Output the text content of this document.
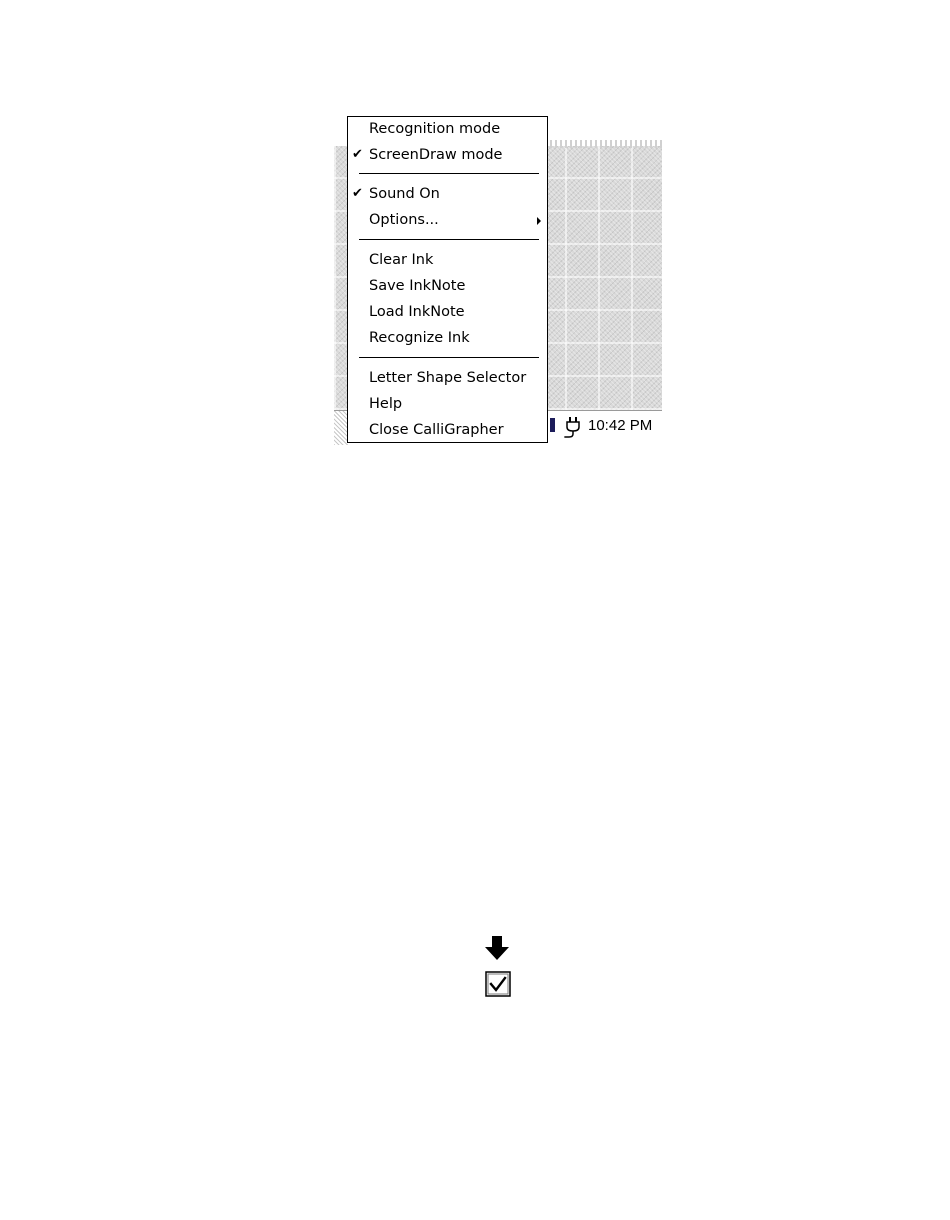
10:42 PM
Recognition mode
✔ ScreenDraw mode
✔ Sound On
Options...
Clear Ink
Save InkNote
Load InkNote
Recognize Ink
Letter Shape Selector
Help
Close CalliGrapher
